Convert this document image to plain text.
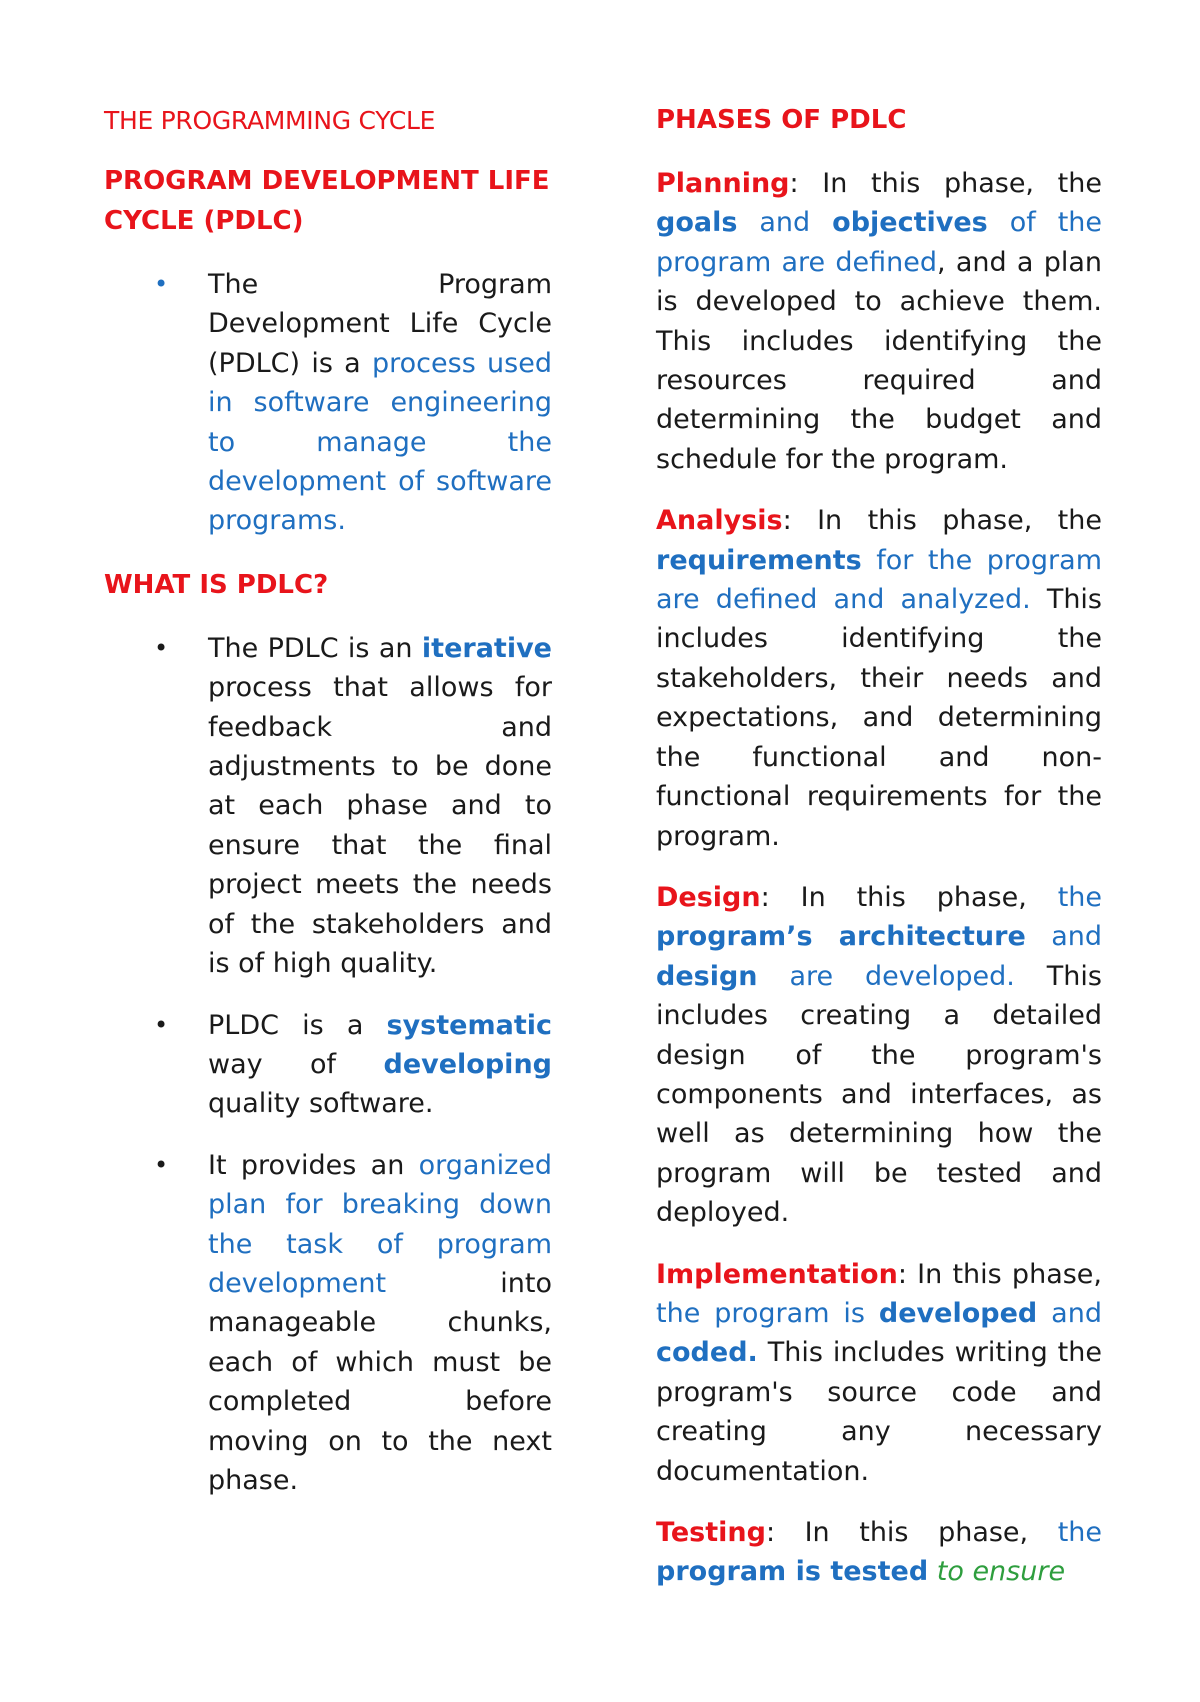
THE PROGRAMMING CYCLE
PROGRAM DEVELOPMENT LIFE CYCLE (PDLC)
• The Program Development Life Cycle (PDLC) is a process used in software engineering to manage the development of software programs.
WHAT IS PDLC?
• The PDLC is an iterative process that allows for feedback and adjustments to be done at each phase and to ensure that the final project meets the needs of the stakeholders and is of high quality.
• PLDC is a systematic way of developing quality software.
• It provides an organized plan for breaking down the task of program development into manageable chunks, each of which must be completed before moving on to the next phase.
PHASES OF PDLC

Planning: In this phase, the goals and objectives of the program are defined, and a plan is developed to achieve them. This includes identifying the resources required and determining the budget and schedule for the program.

Analysis: In this phase, the requirements for the program are defined and analyzed. This includes identifying the stakeholders, their needs and expectations, and determining the functional and non-functional requirements for the program.

Design: In this phase, the program’s architecture and design are developed. This includes creating a detailed design of the program's components and interfaces, as well as determining how the program will be tested and deployed.

Implementation: In this phase, the program is developed and coded. This includes writing the program's source code and creating any necessary documentation.

Testing: In this phase, the program is tested to ensure
